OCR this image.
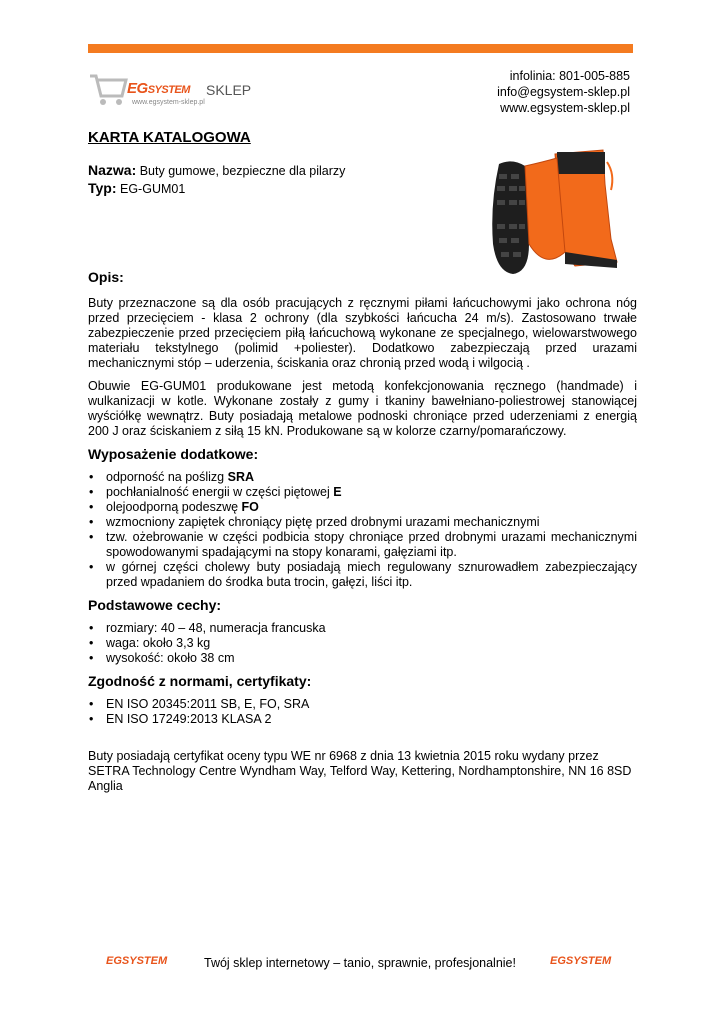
EGSYSTEM SKLEP
www.egsystem-sklep.pl
infolinia: 801-005-885
info@egsystem-sklep.pl
www.egsystem-sklep.pl
KARTA KATALOGOWA
Nazwa: Buty gumowe, bezpieczne dla pilarzy
Typ: EG-GUM01
Opis:

Buty przeznaczone są dla osób pracujących z ręcznymi piłami łańcuchowymi jako ochrona nóg przed przecięciem - klasa 2 ochrony (dla szybkości łańcucha 24 m/s). Zastosowano trwałe zabezpieczenie przed przecięciem piłą łańcuchową wykonane ze specjalnego, wielowarstwowego materiału tekstylnego (polimid +poliester). Dodatkowo zabezpieczają przed urazami mechanicznymi stóp – uderzenia, ściskania oraz chronią przed wodą i wilgocią .

Obuwie EG-GUM01 produkowane jest metodą konfekcjonowania ręcznego (handmade) i wulkanizacji w kotle. Wykonane zostały z gumy i tkaniny bawełniano-poliestrowej stanowiącej wyściółkę wewnątrz. Buty posiadają metalowe podnoski chroniące przed uderzeniami z energią 200 J oraz ściskaniem z siłą 15 kN. Produkowane są w kolorze czarny/pomarańczowy.

Wyposażenie dodatkowe:
• odporność na poślizg SRA
• pochłanialność energii w części piętowej E
• olejoodporną podeszwę FO
• wzmocniony zapiętek chroniący piętę przed drobnymi urazami mechanicznymi
• tzw. ożebrowanie w części podbicia stopy chroniące przed drobnymi urazami mechanicznymi spowodowanymi spadającymi na stopy konarami, gałęziami itp.
• w górnej części cholewy buty posiadają miech regulowany sznurowadłem zabezpieczający przed wpadaniem do środka buta trocin, gałęzi, liści itp.
Podstawowe cechy:
• rozmiary: 40 – 48, numeracja francuska
• waga: około 3,3 kg
• wysokość: około 38 cm
Zgodność z normami, certyfikaty:
• EN ISO 20345:2011 SB, E, FO, SRA
• EN ISO 17249:2013 KLASA 2

Buty posiadają certyfikat oceny typu WE nr 6968 z dnia 13 kwietnia 2015 roku wydany przez SETRA Technology Centre Wyndham Way, Telford Way, Kettering, Nordhamptonshire, NN 16 8SD Anglia

EGSYSTEM	Twój sklep internetowy – tanio, sprawnie, profesjonalnie!	EGSYSTEM
